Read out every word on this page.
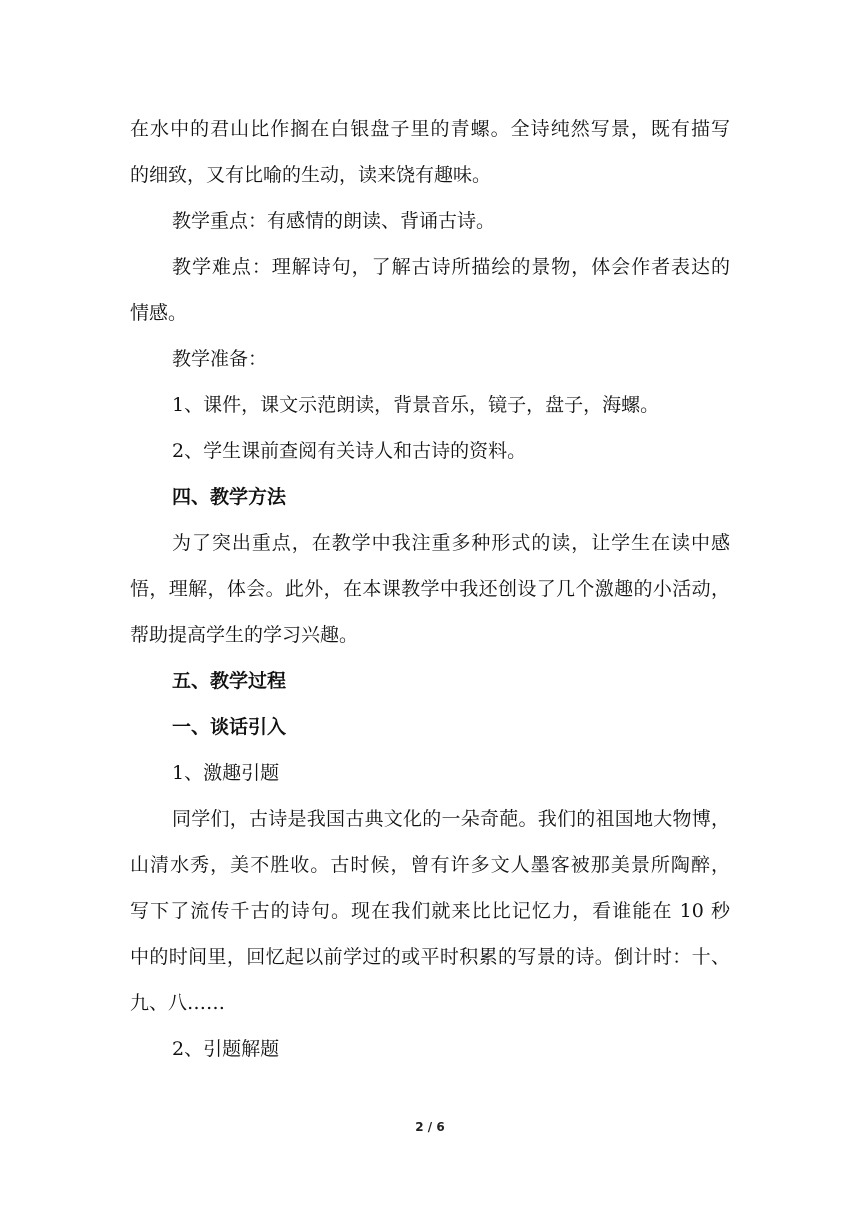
在水中的君山比作搁在白银盘子里的青螺。全诗纯然写景，既有描写
的细致，又有比喻的生动，读来饶有趣味。
教学重点：有感情的朗读、背诵古诗。
教学难点：理解诗句，了解古诗所描绘的景物，体会作者表达的
情感。
教学准备：
1、课件，课文示范朗读，背景音乐，镜子，盘子，海螺。
2、学生课前查阅有关诗人和古诗的资料。
四、教学方法
为了突出重点，在教学中我注重多种形式的读，让学生在读中感
悟，理解，体会。此外，在本课教学中我还创设了几个激趣的小活动，
帮助提高学生的学习兴趣。
五、教学过程
一、谈话引入
1、激趣引题
同学们，古诗是我国古典文化的一朵奇葩。我们的祖国地大物博，
山清水秀，美不胜收。古时候，曾有许多文人墨客被那美景所陶醉，
写下了流传千古的诗句。现在我们就来比比记忆力，看谁能在 10 秒
中的时间里，回忆起以前学过的或平时积累的写景的诗。倒计时：十、
九、八……
2、引题解题
2 / 6
